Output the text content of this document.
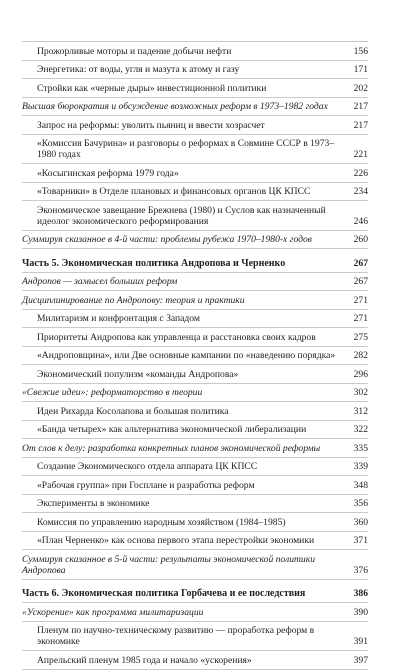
Прожорливые моторы и падение добычи нефти	156
Энергетика: от воды, угля и мазута к атому и газу	171
Стройки как «черные дыры» инвестиционной политики	202
Высшая бюрократия и обсуждение возможных реформ в 1973–1982 годах	217
Запрос на реформы: уволить пьяниц и ввести хозрасчет	217
«Комиссия Бачурина» и разговоры о реформах в Совмине СССР в 1973–1980 годах	221
«Косыгинская реформа 1979 года»	226
«Товарники» в Отделе плановых и финансовых органов ЦК КПСС	234
Экономическое завещание Брежнева (1980) и Суслов как назначенный идеолог экономического реформирования	246
Суммируя сказанное в 4-й части: проблемы рубежа 1970–1980-х годов	260
Часть 5. Экономическая политика Андропова и Черненко	267
Андропов — замысел больших реформ	267
Дисциплинирование по Андропову: теория и практики	271
Милитаризм и конфронтация с Западом	271
Приоритеты Андропова как управленца и расстановка своих кадров	275
«Андроповщина», или Две основные кампании по «наведению порядка»	282
Экономический популизм «команды Андропова»	296
«Свежие идеи»: реформаторство в теории	302
Идеи Рихарда Косолапова и большая политика	312
«Банда четырех» как альтернатива экономической либерализации	322
От слов к делу: разработка конкретных планов экономической реформы	335
Создание Экономического отдела аппарата ЦК КПСС	339
«Рабочая группа» при Госплане и разработка реформ	348
Эксперименты в экономике	356
Комиссия по управлению народным хозяйством (1984–1985)	360
«План Черненко» как основа первого этапа перестройки экономики	371
Суммируя сказанное в 5-й части: результаты экономической политики Андропова	376
Часть 6. Экономическая политика Горбачева и ее последствия	386
«Ускорение» как программа милитаризации	390
Пленум по научно-техническому развитию — проработка реформ в экономике	391
Апрельский пленум 1985 года и начало «ускорения»	397
